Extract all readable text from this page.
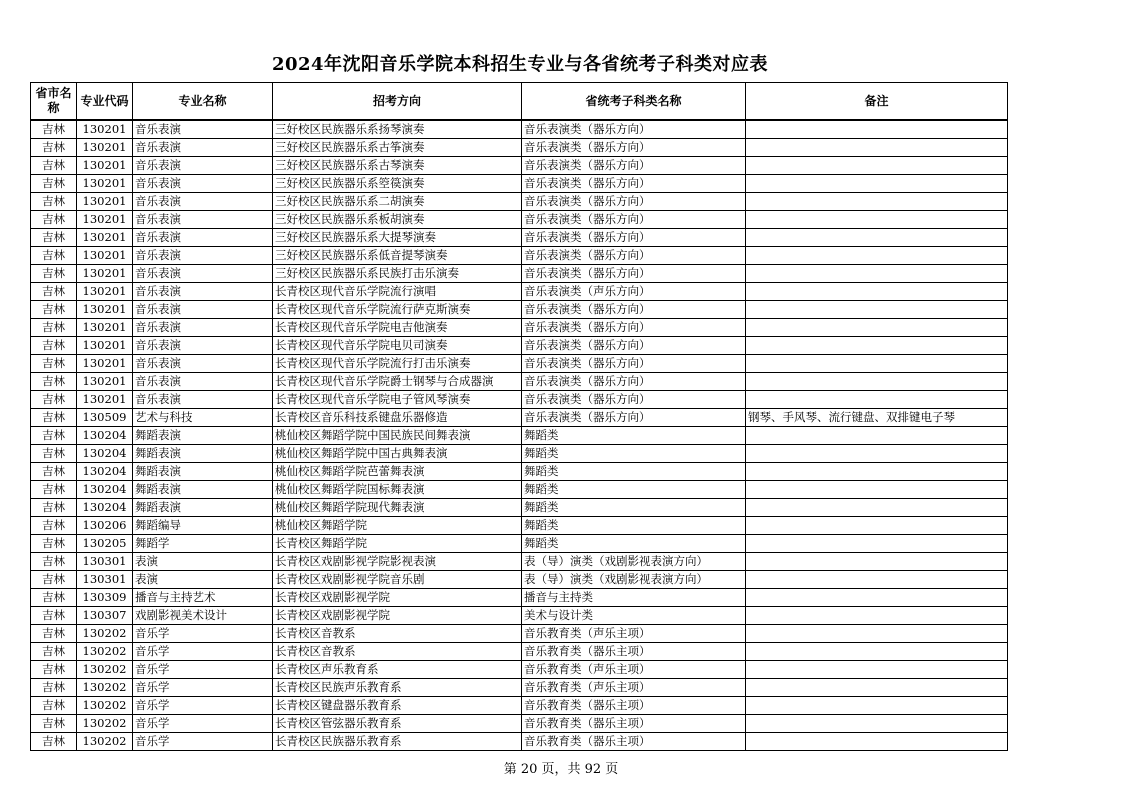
2024年沈阳音乐学院本科招生专业与各省统考子科类对应表
省市名称	专业代码	专业名称	招考方向	省统考子科类名称	备注
吉林	130201	音乐表演	三好校区民族器乐系扬琴演奏	音乐表演类（器乐方向）	
吉林	130201	音乐表演	三好校区民族器乐系古筝演奏	音乐表演类（器乐方向）	
吉林	130201	音乐表演	三好校区民族器乐系古琴演奏	音乐表演类（器乐方向）	
吉林	130201	音乐表演	三好校区民族器乐系箜篌演奏	音乐表演类（器乐方向）	
吉林	130201	音乐表演	三好校区民族器乐系二胡演奏	音乐表演类（器乐方向）	
吉林	130201	音乐表演	三好校区民族器乐系板胡演奏	音乐表演类（器乐方向）	
吉林	130201	音乐表演	三好校区民族器乐系大提琴演奏	音乐表演类（器乐方向）	
吉林	130201	音乐表演	三好校区民族器乐系低音提琴演奏	音乐表演类（器乐方向）	
吉林	130201	音乐表演	三好校区民族器乐系民族打击乐演奏	音乐表演类（器乐方向）	
吉林	130201	音乐表演	长青校区现代音乐学院流行演唱	音乐表演类（声乐方向）	
吉林	130201	音乐表演	长青校区现代音乐学院流行萨克斯演奏	音乐表演类（器乐方向）	
吉林	130201	音乐表演	长青校区现代音乐学院电吉他演奏	音乐表演类（器乐方向）	
吉林	130201	音乐表演	长青校区现代音乐学院电贝司演奏	音乐表演类（器乐方向）	
吉林	130201	音乐表演	长青校区现代音乐学院流行打击乐演奏	音乐表演类（器乐方向）	
吉林	130201	音乐表演	长青校区现代音乐学院爵士钢琴与合成器演	音乐表演类（器乐方向）	
吉林	130201	音乐表演	长青校区现代音乐学院电子管风琴演奏	音乐表演类（器乐方向）	
吉林	130509	艺术与科技	长青校区音乐科技系键盘乐器修造	音乐表演类（器乐方向）	钢琴、手风琴、流行键盘、双排键电子琴
吉林	130204	舞蹈表演	桃仙校区舞蹈学院中国民族民间舞表演	舞蹈类	
吉林	130204	舞蹈表演	桃仙校区舞蹈学院中国古典舞表演	舞蹈类	
吉林	130204	舞蹈表演	桃仙校区舞蹈学院芭蕾舞表演	舞蹈类	
吉林	130204	舞蹈表演	桃仙校区舞蹈学院国标舞表演	舞蹈类	
吉林	130204	舞蹈表演	桃仙校区舞蹈学院现代舞表演	舞蹈类	
吉林	130206	舞蹈编导	桃仙校区舞蹈学院	舞蹈类	
吉林	130205	舞蹈学	长青校区舞蹈学院	舞蹈类	
吉林	130301	表演	长青校区戏剧影视学院影视表演	表（导）演类（戏剧影视表演方向）	
吉林	130301	表演	长青校区戏剧影视学院音乐剧	表（导）演类（戏剧影视表演方向）	
吉林	130309	播音与主持艺术	长青校区戏剧影视学院	播音与主持类	
吉林	130307	戏剧影视美术设计	长青校区戏剧影视学院	美术与设计类	
吉林	130202	音乐学	长青校区音教系	音乐教育类（声乐主项）	
吉林	130202	音乐学	长青校区音教系	音乐教育类（器乐主项）	
吉林	130202	音乐学	长青校区声乐教育系	音乐教育类（声乐主项）	
吉林	130202	音乐学	长青校区民族声乐教育系	音乐教育类（声乐主项）	
吉林	130202	音乐学	长青校区键盘器乐教育系	音乐教育类（器乐主项）	
吉林	130202	音乐学	长青校区管弦器乐教育系	音乐教育类（器乐主项）	
吉林	130202	音乐学	长青校区民族器乐教育系	音乐教育类（器乐主项）	
第 20 页，共 92 页
